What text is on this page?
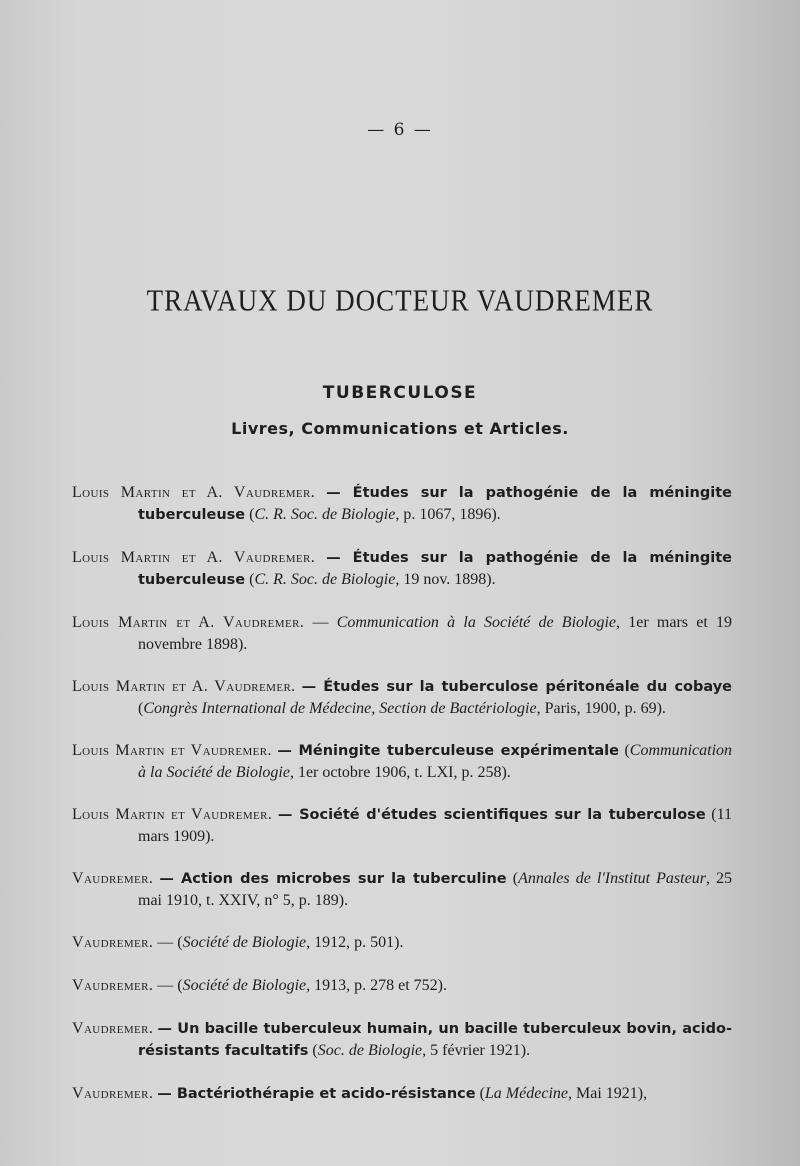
— 6 —
TRAVAUX DU DOCTEUR VAUDREMER
TUBERCULOSE
Livres, Communications et Articles.
Louis Martin et A. Vaudremer. — Études sur la pathogénie de la méningite tuberculeuse (C. R. Soc. de Biologie, p. 1067, 1896).
Louis Martin et A. Vaudremer. — Études sur la pathogénie de la méningite tuberculeuse (C. R. Soc. de Biologie, 19 nov. 1898).
Louis Martin et A. Vaudremer. — Communication à la Société de Biologie, 1er mars et 19 novembre 1898).
Louis Martin et A. Vaudremer. — Études sur la tuberculose péritonéale du cobaye (Congrès International de Médecine, Section de Bactériologie, Paris, 1900, p. 69).
Louis Martin et Vaudremer. — Méningite tuberculeuse expérimentale (Communication à la Société de Biologie, 1er octobre 1906, t. LXI, p. 258).
Louis Martin et Vaudremer. — Société d'études scientifiques sur la tuberculose (11 mars 1909).
Vaudremer. — Action des microbes sur la tuberculine (Annales de l'Institut Pasteur, 25 mai 1910, t. XXIV, n° 5, p. 189).
Vaudremer. — (Société de Biologie, 1912, p. 501).
Vaudremer. — (Société de Biologie, 1913, p. 278 et 752).
Vaudremer. — Un bacille tuberculeux humain, un bacille tuberculeux bovin, acido-résistants facultatifs (Soc. de Biologie, 5 février 1921).
Vaudremer. — Bactériothérapie et acido-résistance (La Médecine, Mai 1921),
